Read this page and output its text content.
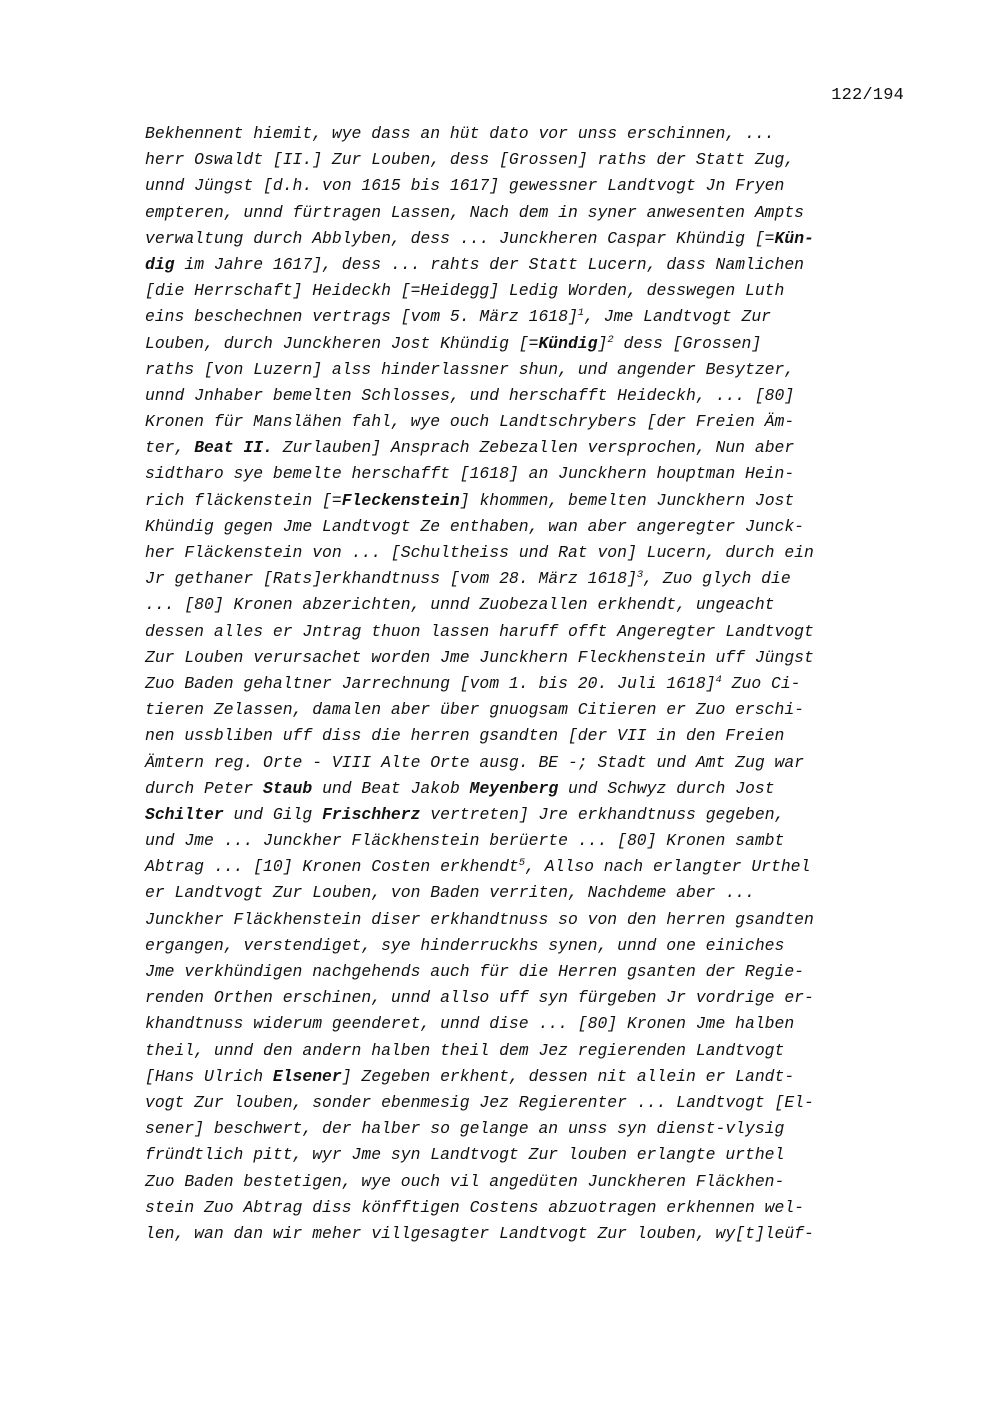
122/194
Bekhennent hiemit, wye dass an hüt dato vor unss erschinnen, ...
herr Oswaldt [II.] Zur Louben, dess [Grossen] raths der Statt Zug,
unnd Jüngst [d.h. von 1615 bis 1617] gewessner Landtvogt Jn Fryen
empteren, unnd fürtragen Lassen, Nach dem in syner anwesenten Ampts
verwaltung durch Abblyben, dess ... Junckheren Caspar Khündig [=Kün-
dig im Jahre 1617], dess ... rahts der Statt Lucern, dass Namlichen
[die Herrschaft] Heideckh [=Heidegg] Ledig Worden, desswegen Luth
eins beschechnen vertrags [vom 5. März 1618]$^1$, Jme Landtvogt Zur
Louben, durch Junckheren Jost Khündig [=Kündig]$^2$ dess [Grossen]
raths [von Luzern] alss hinderlassner shun, und angender Besytzer,
unnd Jnhaber bemelten Schlosses, und herschafft Heideckh, ... [80]
Kronen für Manslähen fahl, wye ouch Landtschrybers [der Freien Äm-
ter, Beat II. Zurlauben] Ansprach Zebezallen versprochen, Nun aber
sidtharo sye bemelte herschafft [1618] an Junckhern houptman Hein-
rich fläckenstein [=Fleckenstein] khommen, bemelten Junckhern Jost
Khündig gegen Jme Landtvogt Ze enthaben, wan aber angeregter Junck-
her Fläckenstein von ... [Schultheiss und Rat von] Lucern, durch ein
Jr gethaner [Rats]erkhandtnuss [vom 28. März 1618]$^3$, Zuo glych die
... [80] Kronen abzerichten, unnd Zuobezallen erkhendt, ungeacht
dessen alles er Jntrag thuon lassen haruff offt Angeregter Landtvogt
Zur Louben verursachet worden Jme Junckhern Fleckhenstein uff Jüngst
Zuo Baden gehaltner Jarrechnung [vom 1. bis 20. Juli 1618]$^4$ Zuo Ci-
tieren Zelassen, damalen aber über gnuogsam Citieren er Zuo erschi-
nen ussbliben uff diss die herren gsandten [der VII in den Freien
Ämtern reg. Orte - VIII Alte Orte ausg. BE -; Stadt und Amt Zug war
durch Peter Staub und Beat Jakob Meyenberg und Schwyz durch Jost
Schilter und Gilg Frischherz vertreten] Jre erkhandtnuss gegeben,
und Jme ... Junckher Fläckhenstein berüerte ... [80] Kronen sambt
Abtrag ... [10] Kronen Costen erkhendt$^5$, Allso nach erlangter Urthel
er Landtvogt Zur Louben, von Baden verriten, Nachdeme aber ...
Junckher Fläckhenstein diser erkhandtnuss so von den herren gsandten
ergangen, verstendiget, sye hinderruckhs synen, unnd one einiches
Jme verkhündigen nachgehends auch für die Herren gsanten der Regie-
renden Orthen erschinen, unnd allso uff syn fürgeben Jr vordrige er-
khandtnuss widerum geenderet, unnd dise ... [80] Kronen Jme halben
theil, unnd den andern halben theil dem Jez regierenden Landtvogt
[Hans Ulrich Elsener] Zegeben erkhent, dessen nit allein er Landt-
vogt Zur louben, sonder ebenmesig Jez Regierenter ... Landtvogt [El-
sener] beschwert, der halber so gelange an unss syn dienst-vlysig
fründtlich pitt, wyr Jme syn Landtvogt Zur louben erlangte urthel
Zuo Baden bestetigen, wye ouch vil angedüten Junckheren Fläckhen-
stein Zuo Abtrag diss könfftigen Costens abzuotragen erkhennen wel-
len, wan dan wir meher villgesagter Landtvogt Zur louben, wy[t]leüf-
